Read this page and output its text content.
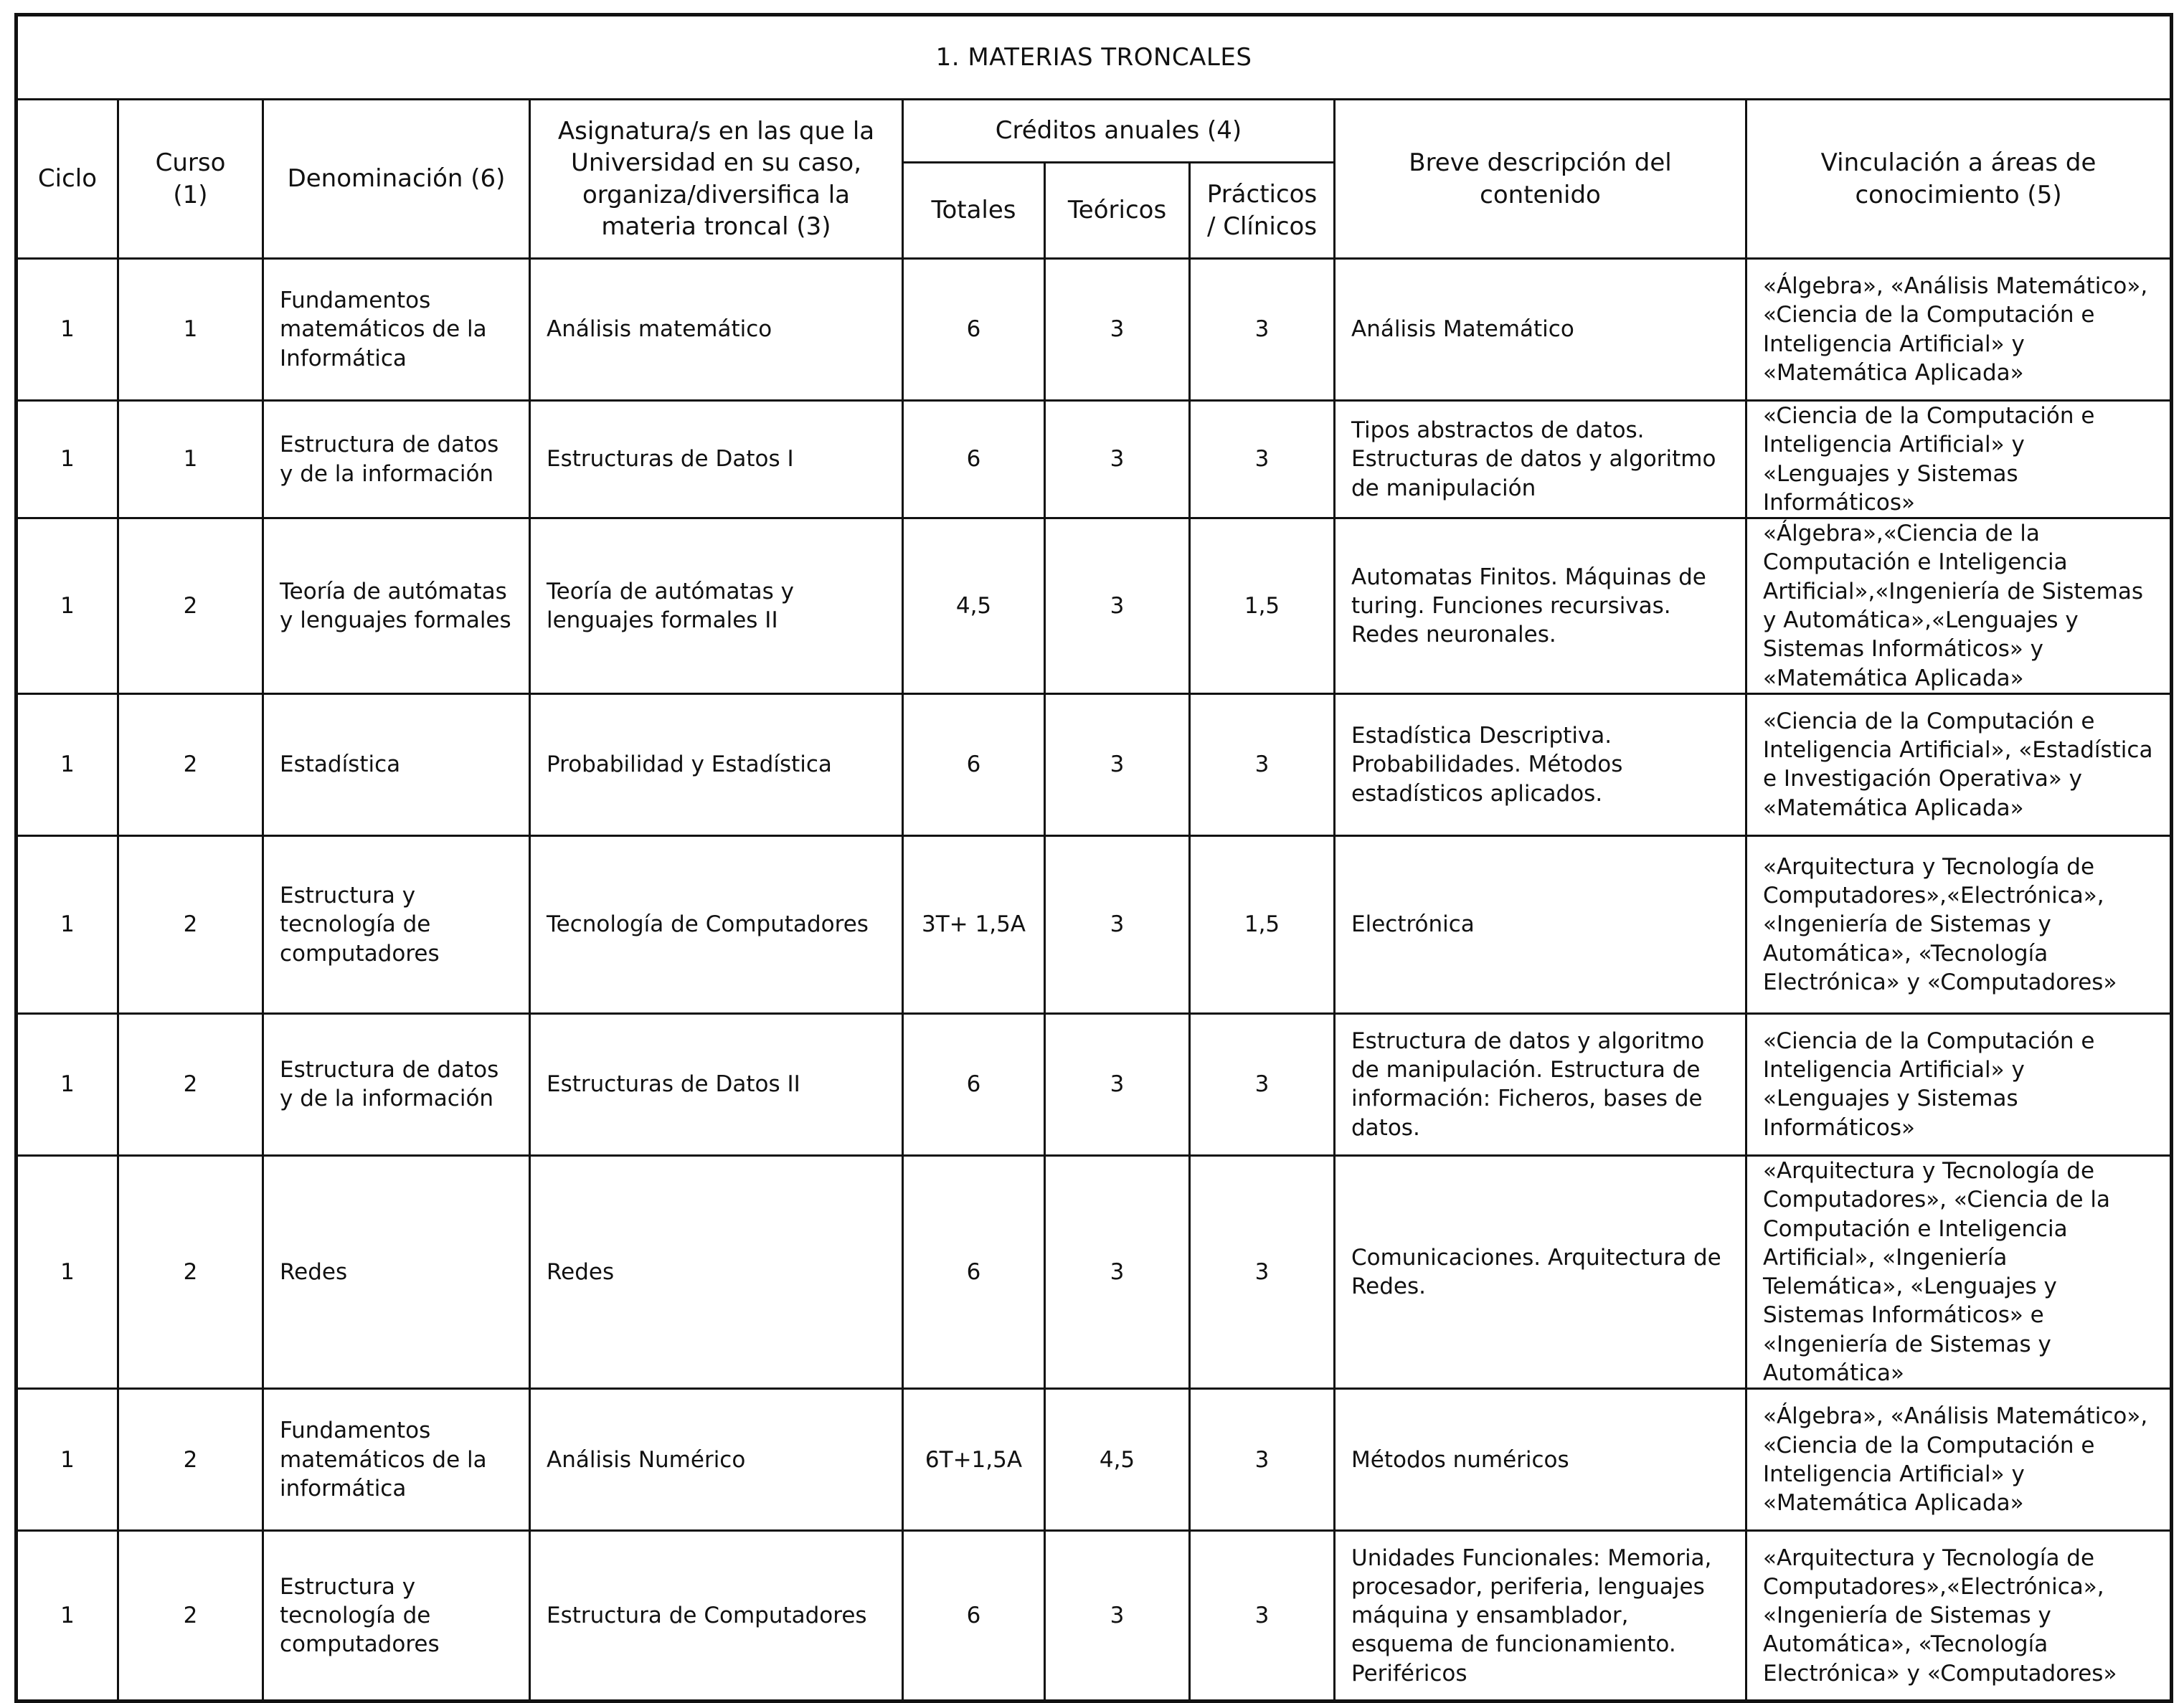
1. MATERIAS TRONCALES								
Ciclo	Curso (1)	Denominación (6)	Asignatura/s en las que la Universidad en su caso, organiza/diversifica la materia troncal (3)	Créditos anuales (4)			Breve descripción del contenido	Vinculación a áreas de conocimiento (5)
				Totales	Teóricos	Prácticos / Clínicos		
1	1	Fundamentos matemáticos de la Informática	Análisis matemático	6	3	3	Análisis Matemático	«Álgebra», «Análisis Matemático», «Ciencia de la Computación e Inteligencia Artificial» y «Matemática Aplicada»
1	1	Estructura de datos y de la información	Estructuras de Datos I	6	3	3	Tipos abstractos de datos. Estructuras de datos y algoritmo de manipulación	«Ciencia de la Computación e Inteligencia Artificial» y «Lenguajes y Sistemas Informáticos»
1	2	Teoría de autómatas y lenguajes formales	Teoría de autómatas y lenguajes formales II	4,5	3	1,5	Automatas Finitos. Máquinas de turing. Funciones recursivas. Redes neuronales.	«Álgebra»,«Ciencia de la Computación e Inteligencia Artificial»,«Ingeniería de Sistemas y Automática»,«Lenguajes y Sistemas Informáticos» y «Matemática Aplicada»
1	2	Estadística	Probabilidad y Estadística	6	3	3	Estadística Descriptiva. Probabilidades. Métodos estadísticos aplicados.	«Ciencia de la Computación e Inteligencia Artificial», «Estadística e Investigación Operativa» y «Matemática Aplicada»
1	2	Estructura y tecnología de computadores	Tecnología de Computadores	3T+ 1,5A	3	1,5	Electrónica	«Arquitectura y Tecnología de Computadores»,«Electrónica», «Ingeniería de Sistemas y Automática», «Tecnología Electrónica» y «Computadores»
1	2	Estructura de datos y de la información	Estructuras de Datos II	6	3	3	Estructura de datos y algoritmo de manipulación. Estructura de información: Ficheros, bases de datos.	«Ciencia de la Computación e Inteligencia Artificial» y «Lenguajes y Sistemas Informáticos»
1	2	Redes	Redes	6	3	3	Comunicaciones. Arquitectura de Redes.	«Arquitectura y Tecnología de Computadores», «Ciencia de la Computación e Inteligencia Artificial», «Ingeniería Telemática», «Lenguajes y Sistemas Informáticos» e «Ingeniería de Sistemas y Automática»
1	2	Fundamentos matemáticos de la informática	Análisis Numérico	6T+1,5A	4,5	3	Métodos numéricos	«Álgebra», «Análisis Matemático», «Ciencia de la Computación e Inteligencia Artificial» y «Matemática Aplicada»
1	2	Estructura y tecnología de computadores	Estructura de Computadores	6	3	3	Unidades Funcionales: Memoria, procesador, periferia, lenguajes máquina y ensamblador, esquema de funcionamiento. Periféricos	«Arquitectura y Tecnología de Computadores»,«Electrónica», «Ingeniería de Sistemas y Automática», «Tecnología Electrónica» y «Computadores»
